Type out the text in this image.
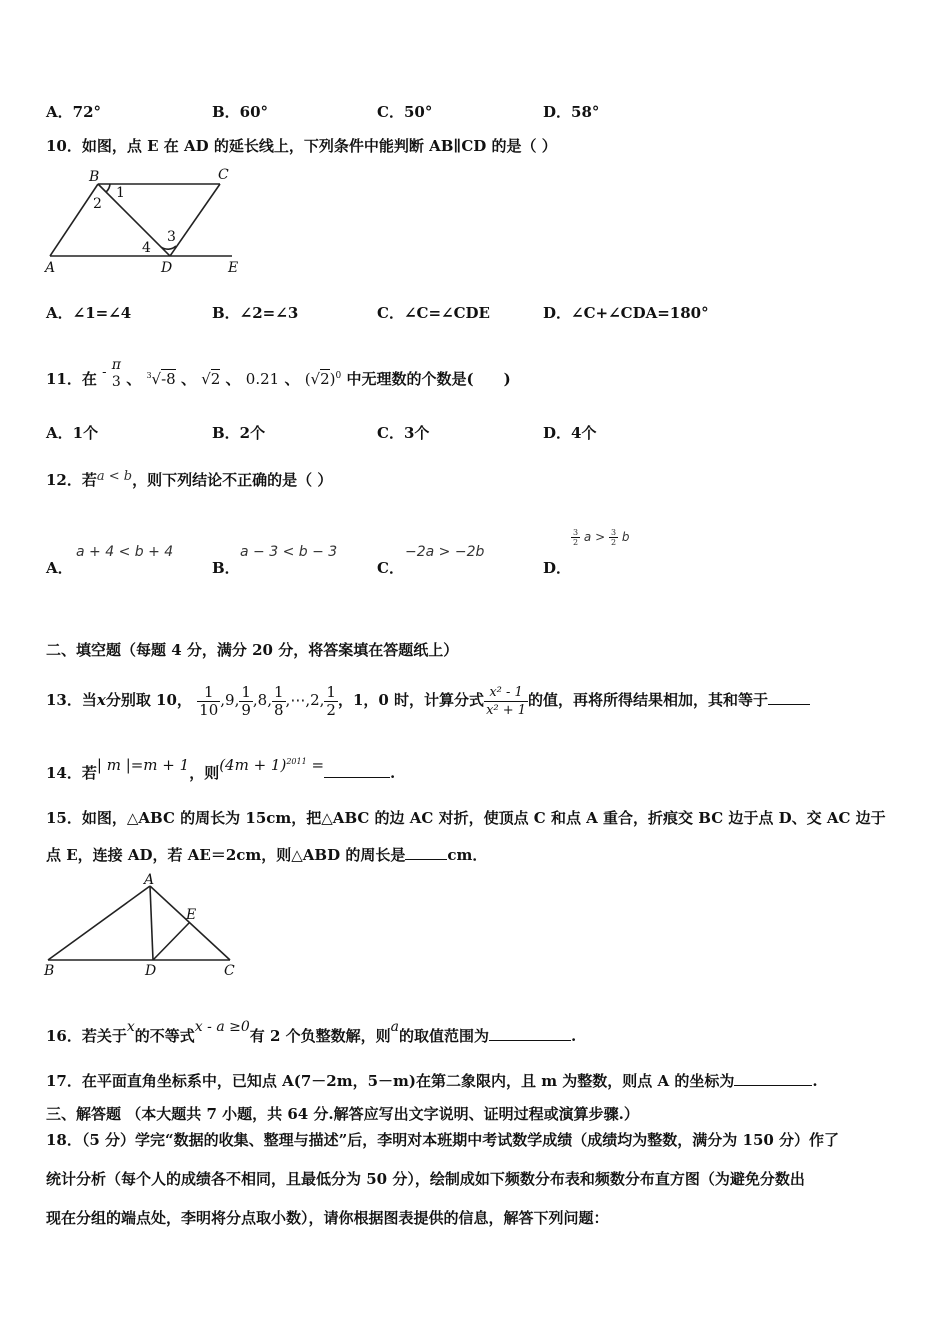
A．72°	B．60°	C．50°	D．58°
10．如图，点 E 在 AD 的延长线上，下列条件中能判断 AB∥CD 的是（ ）
B	C
A	D	E
1
2
3
4
A．∠1=∠4	B．∠2=∠3	C．∠C=∠CDE	D．∠C+∠CDA=180°
11．在 - π
3 、 $^3$√-8 、 √2 、 0.21 、 $(√2)^0$ 中无理数的个数是(　　)
A．1个	B．2个	C．3个	D．4个
12．若a < b，则下列结论不正确的是（ ）
A．
a + 4 < b + 4
B．
a − 3 < b − 3
C．
−2a > −2b
D．
$\frac{3}{2}$ $a > \frac{3}{2}$ b
二、填空题（每题 4 分，满分 20 分，将答案填在答题纸上）
13．当x分别取 10， $\frac{1}{10} ,9$, $\frac{1}{9} ,8$, $\frac{1}{8}$ ,⋯,2, $\frac{1}{2}$ ，1，0 时，计算分式 $\frac{\text{x² - 1}}{\text{x² + 1}}$ 的值，再将所得结果相加，其和等于
14．若| m |=m + 1，则$(4m + 1)^{2011}$ =	.
15．如图，△ABC 的周长为 15cm，把△ABC 的边 AC 对折，使顶点 C 和点 A 重合，折痕交 BC 边于点 D、交 AC 边于
点 E，连接 AD，若 AE＝2cm，则△ABD 的周长是	cm．
A
B	D	C
E
16．若关于x的不等式x - a ≥0有 2 个负整数解，则a的取值范围为	.
17．在平面直角坐标系中，已知点 A(7－2m，5－m)在第二象限内，且 m 为整数，则点 A 的坐标为	.
三、解答题 （本大题共 7 小题，共 64 分.解答应写出文字说明、证明过程或演算步骤.）
18．（5 分）学完“数据的收集、整理与描述”后，李明对本班期中考试数学成绩（成绩均为整数，满分为 150 分）作了
统计分析（每个人的成绩各不相同，且最低分为 50 分），绘制成如下频数分布表和频数分布直方图（为避免分数出
现在分组的端点处，李明将分点取小数），请你根据图表提供的信息，解答下列问题：
